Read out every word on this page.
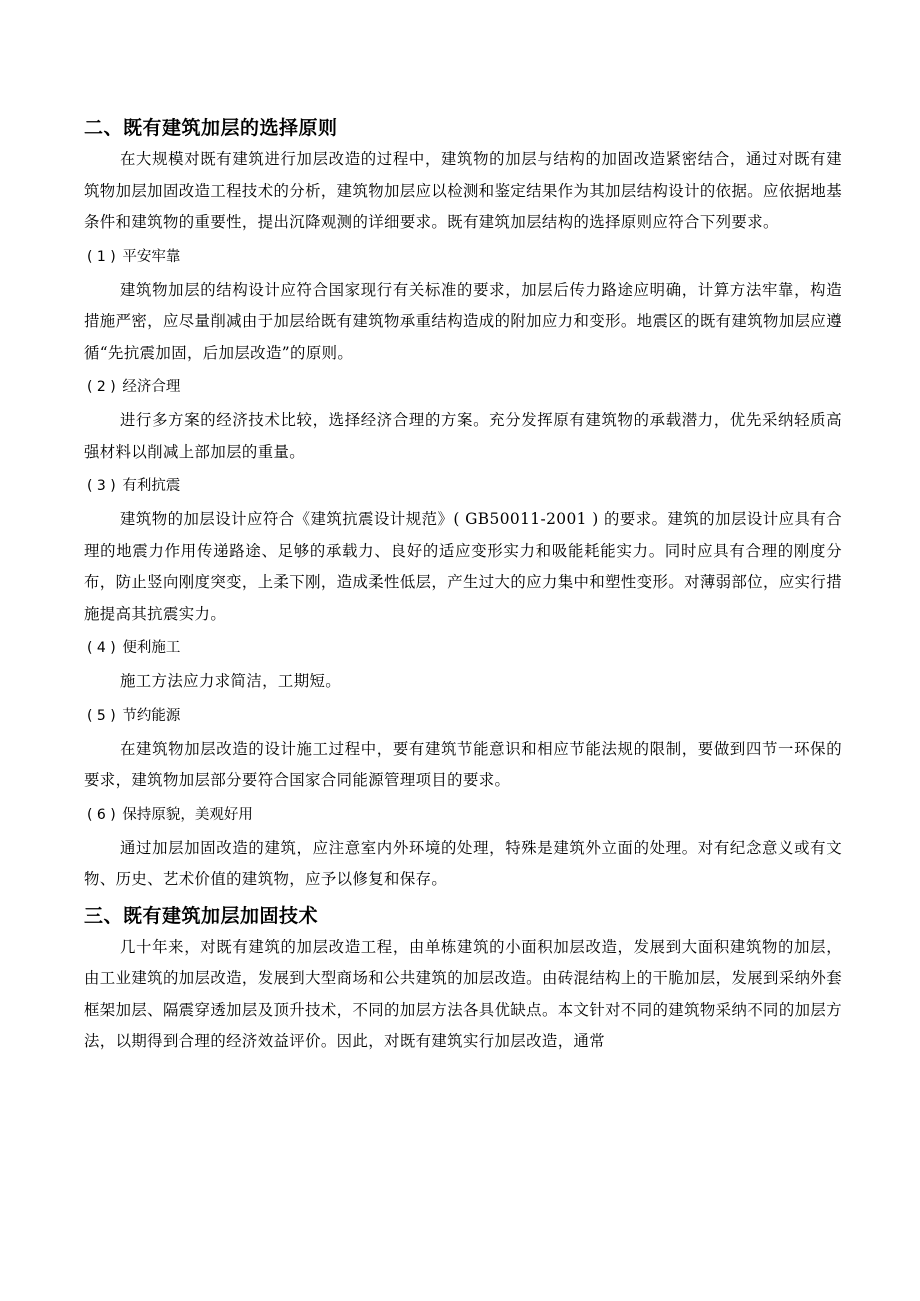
二、既有建筑加层的选择原则

在大规模对既有建筑进行加层改造的过程中，建筑物的加层与结构的加固改造紧密结合，通过对既有建筑物加层加固改造工程技术的分析，建筑物加层应以检测和鉴定结果作为其加层结构设计的依据。应依据地基条件和建筑物的重要性，提出沉降观测的详细要求。既有建筑加层结构的选择原则应符合下列要求。

( 1 ) 平安牢靠

建筑物加层的结构设计应符合国家现行有关标准的要求，加层后传力路途应明确，计算方法牢靠，构造措施严密，应尽量削减由于加层给既有建筑物承重结构造成的附加应力和变形。地震区的既有建筑物加层应遵循“先抗震加固，后加层改造”的原则。

( 2 ) 经济合理

进行多方案的经济技术比较，选择经济合理的方案。充分发挥原有建筑物的承载潜力，优先采纳轻质高强材料以削减上部加层的重量。

( 3 ) 有利抗震

建筑物的加层设计应符合《建筑抗震设计规范》( GB50011-2001 ) 的要求。建筑的加层设计应具有合理的地震力作用传递路途、足够的承载力、良好的适应变形实力和吸能耗能实力。同时应具有合理的刚度分布，防止竖向刚度突变，上柔下刚，造成柔性低层，产生过大的应力集中和塑性变形。对薄弱部位，应实行措施提高其抗震实力。

( 4 ) 便利施工

施工方法应力求简洁，工期短。

( 5 ) 节约能源

在建筑物加层改造的设计施工过程中，要有建筑节能意识和相应节能法规的限制，要做到四节一环保的要求，建筑物加层部分要符合国家合同能源管理项目的要求。

( 6 ) 保持原貌，美观好用

通过加层加固改造的建筑，应注意室内外环境的处理，特殊是建筑外立面的处理。对有纪念意义或有文物、历史、艺术价值的建筑物，应予以修复和保存。

三、既有建筑加层加固技术

几十年来，对既有建筑的加层改造工程，由单栋建筑的小面积加层改造，发展到大面积建筑物的加层，由工业建筑的加层改造，发展到大型商场和公共建筑的加层改造。由砖混结构上的干脆加层，发展到采纳外套框架加层、隔震穿透加层及顶升技术，不同的加层方法各具优缺点。本文针对不同的建筑物采纳不同的加层方法，以期得到合理的经济效益评价。因此，对既有建筑实行加层改造，通常
